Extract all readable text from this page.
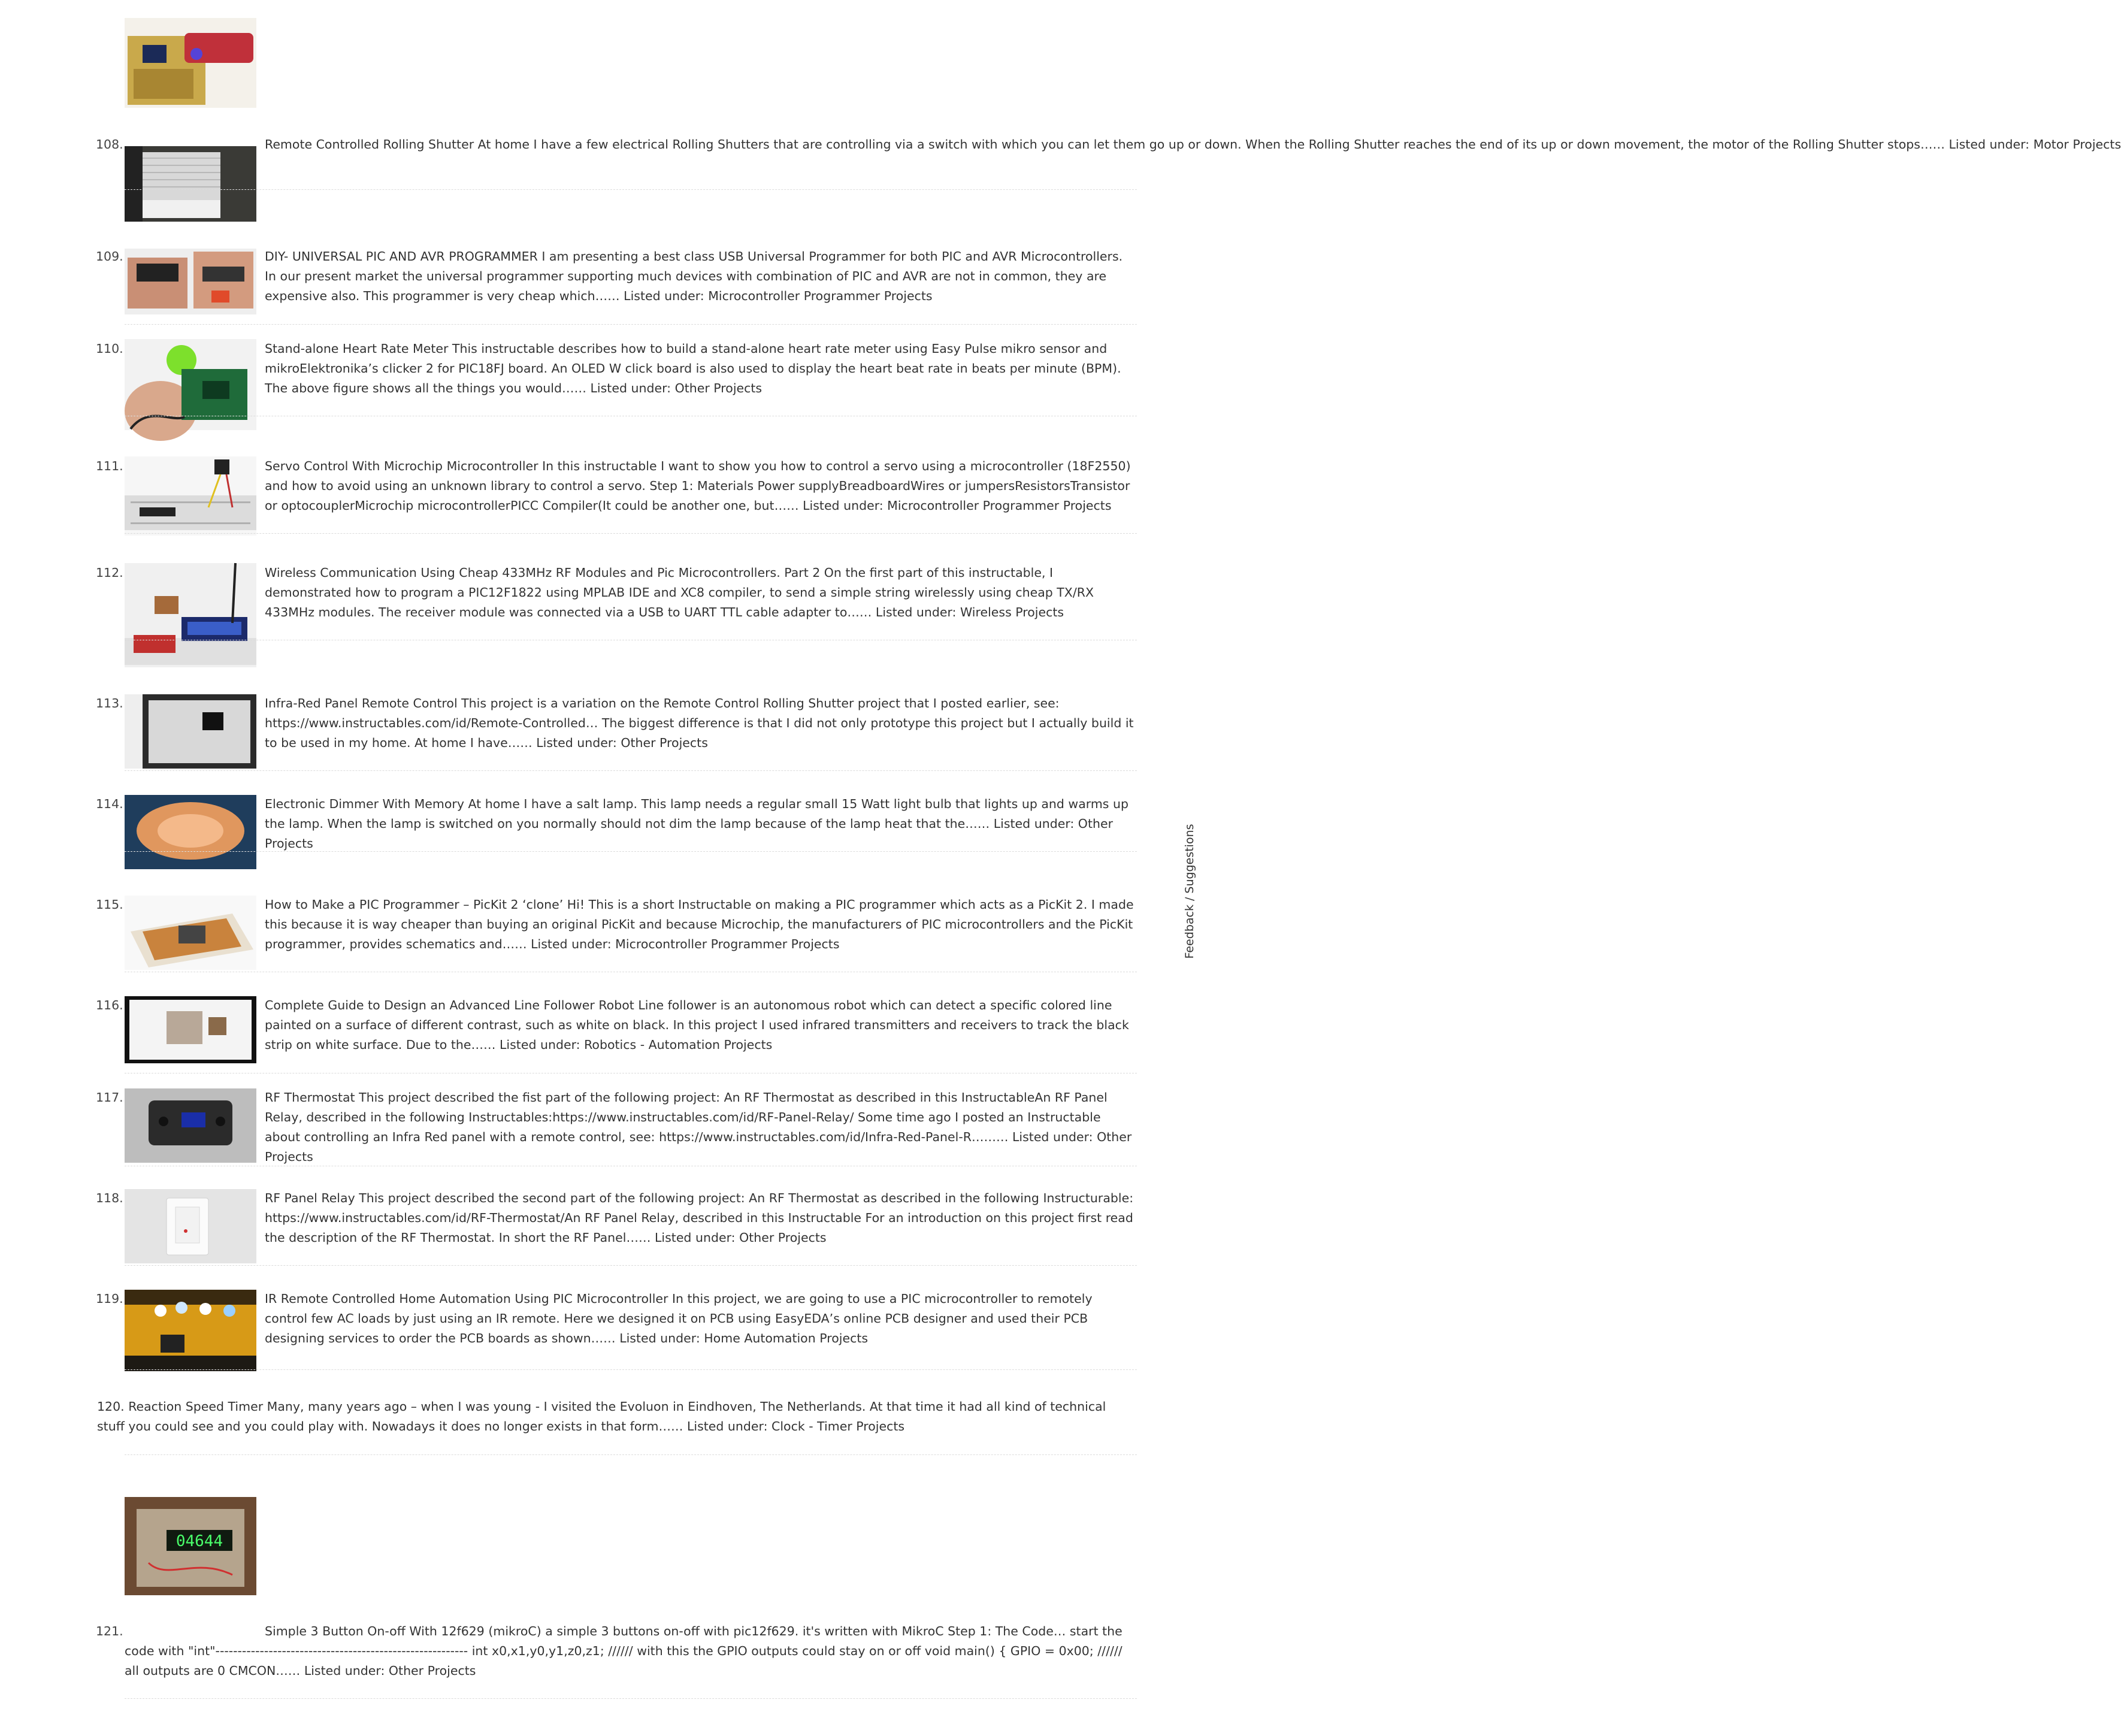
108.	Remote Controlled Rolling Shutter At home I have a few electrical Rolling Shutters that are controlling via a switch with which you can let them go up or down. When the Rolling Shutter reaches the end of its up or down movement, the motor of the Rolling Shutter stops…… Listed under: Motor Projects
109.	DIY- UNIVERSAL PIC AND AVR PROGRAMMER I am presenting a best class USB Universal Programmer for both PIC and AVR Microcontrollers. In our present market the universal programmer supporting much devices with combination of PIC and AVR are not in common, they are expensive also. This programmer is very cheap which…… Listed under: Microcontroller Programmer Projects
110.	Stand-alone Heart Rate Meter This instructable describes how to build a stand-alone heart rate meter using Easy Pulse mikro sensor and mikroElektronika’s clicker 2 for PIC18FJ board. An OLED W click board is also used to display the heart beat rate in beats per minute (BPM). The above figure shows all the things you would…… Listed under: Other Projects
111.	Servo Control With Microchip Microcontroller In this instructable I want to show you how to control a servo using a microcontroller (18F2550) and how to avoid using an unknown library to control a servo. Step 1: Materials Power supplyBreadboardWires or jumpersResistorsTransistor or optocouplerMicrochip microcontrollerPICC Compiler(It could be another one, but…… Listed under: Microcontroller Programmer Projects
112.	Wireless Communication Using Cheap 433MHz RF Modules and Pic Microcontrollers. Part 2 On the first part of this instructable, I demonstrated how to program a PIC12F1822 using MPLAB IDE and XC8 compiler, to send a simple string wirelessly using cheap TX/RX 433MHz modules. The receiver module was connected via a USB to UART TTL cable adapter to…… Listed under: Wireless Projects
113.	Infra-Red Panel Remote Control This project is a variation on the Remote Control Rolling Shutter project that I posted earlier, see: https://www.instructables.com/id/Remote-Controlled… The biggest difference is that I did not only prototype this project but I actually build it to be used in my home. At home I have…… Listed under: Other Projects
114.	Electronic Dimmer With Memory At home I have a salt lamp. This lamp needs a regular small 15 Watt light bulb that lights up and warms up the lamp. When the lamp is switched on you normally should not dim the lamp because of the lamp heat that the…… Listed under: Other Projects
115.	How to Make a PIC Programmer – PicKit 2 ‘clone’ Hi! This is a short Instructable on making a PIC programmer which acts as a PicKit 2. I made this because it is way cheaper than buying an original PicKit and because Microchip, the manufacturers of PIC microcontrollers and the PicKit programmer, provides schematics and…… Listed under: Microcontroller Programmer Projects
116.	Complete Guide to Design an Advanced Line Follower Robot Line follower is an autonomous robot which can detect a specific colored line painted on a surface of different contrast, such as white on black. In this project I used infrared transmitters and receivers to track the black strip on white surface. Due to the…… Listed under: Robotics - Automation Projects
117.	RF Thermostat This project described the fist part of the following project: An RF Thermostat as described in this InstructableAn RF Panel Relay, described in the following Instructables:https://www.instructables.com/id/RF-Panel-Relay/ Some time ago I posted an Instructable about controlling an Infra Red panel with a remote control, see: https://www.instructables.com/id/Infra-Red-Panel-R……… Listed under: Other Projects
118.	RF Panel Relay This project described the second part of the following project: An RF Thermostat as described in the following Instructurable: https://www.instructables.com/id/RF-Thermostat/An RF Panel Relay, described in this Instructable For an introduction on this project first read the description of the RF Thermostat. In short the RF Panel…… Listed under: Other Projects
119.	IR Remote Controlled Home Automation Using PIC Microcontroller In this project, we are going to use a PIC microcontroller to remotely control few AC loads by just using an IR remote. Here we designed it on PCB using EasyEDA’s online PCB designer and used their PCB designing services to order the PCB boards as shown…… Listed under: Home Automation Projects
120. Reaction Speed Timer Many, many years ago – when I was young - I visited the Evoluon in Eindhoven, The Netherlands. At that time it had all kind of technical stuff you could see and you could play with. Nowadays it does no longer exists in that form…… Listed under: Clock - Timer Projects
04644
121.	Simple 3 Button On-off With 12f629 (mikroC) a simple 3 buttons on-off with pic12f629. it's written with MikroC Step 1: The Code… start the code with "int"--------------------------------------------------------- int x0,x1,y0,y1,z0,z1; ////// with this the GPIO outputs could stay on or off void main() { GPIO = 0x00; ////// all outputs are 0 CMCON…… Listed under: Other Projects
Feedback / Suggestions
